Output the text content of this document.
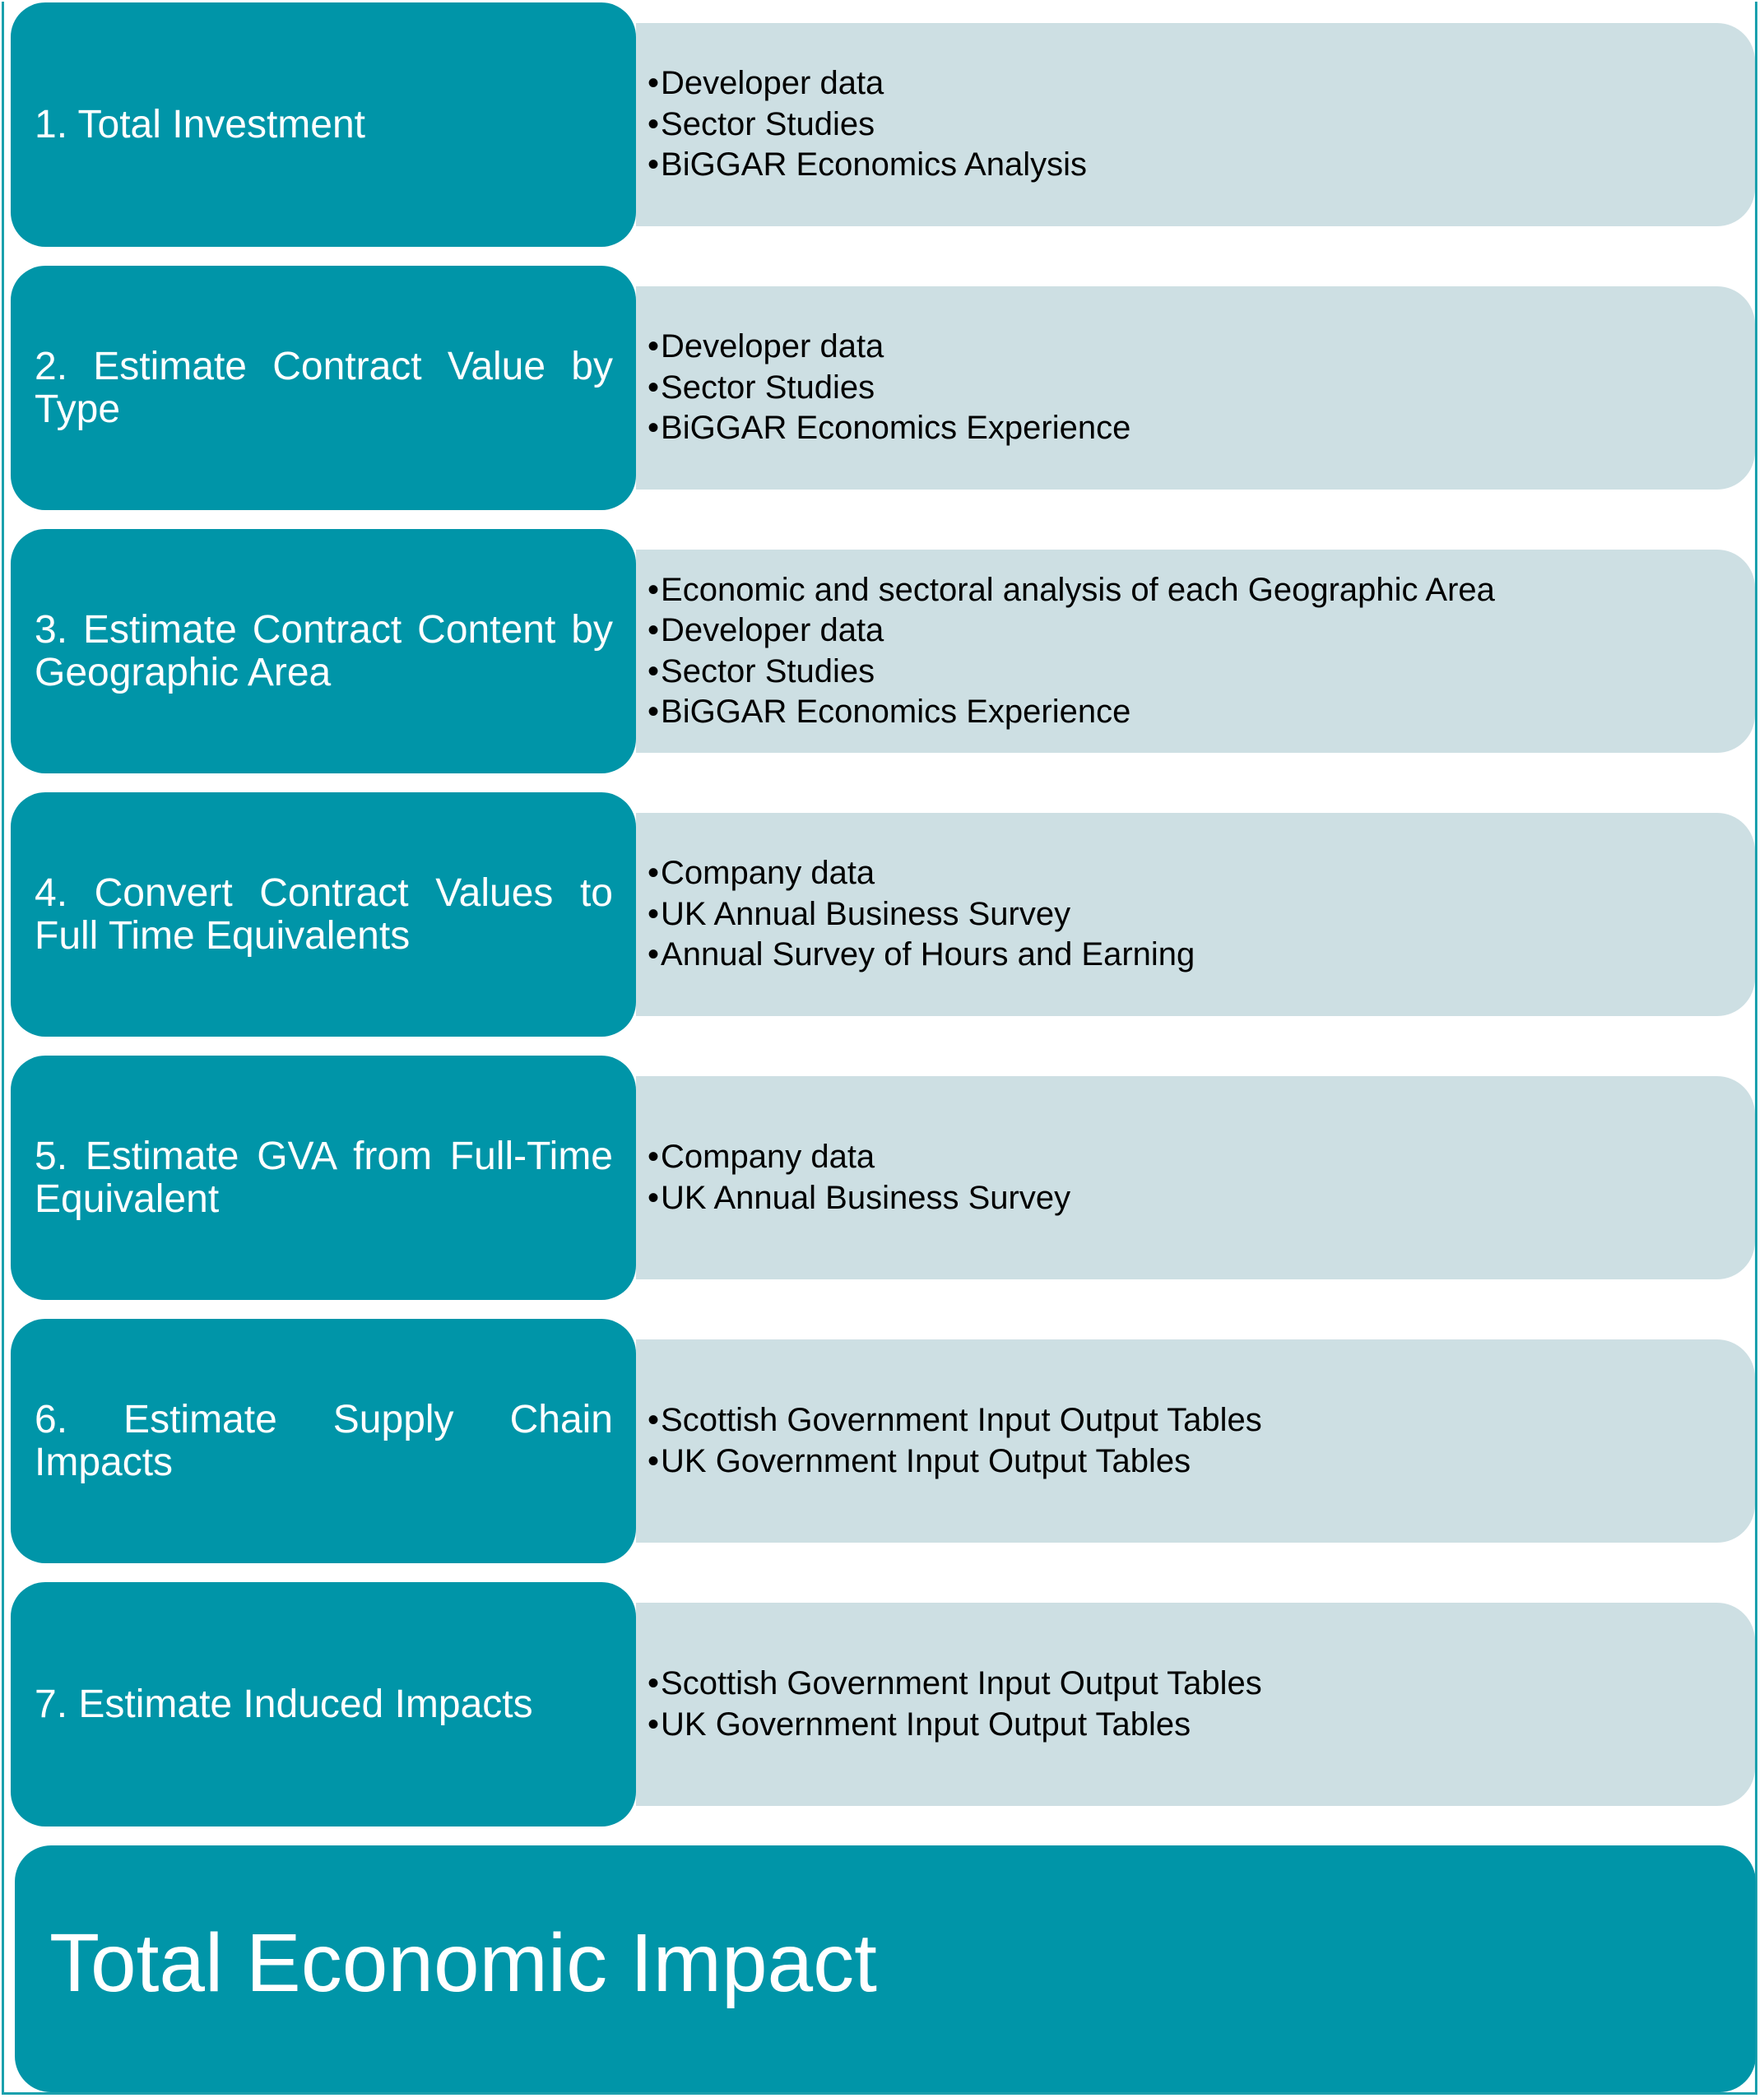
1. Total Investment
• Developer data
• Sector Studies
• BiGGAR Economics Analysis
2. Estimate Contract Value by Type
• Developer data
• Sector Studies
• BiGGAR Economics Experience
3. Estimate Contract Content by Geographic Area
• Economic and sectoral analysis of each Geographic Area
• Developer data
• Sector Studies
• BiGGAR Economics Experience
4. Convert Contract Values to Full Time Equivalents
• Company data
• UK Annual Business Survey
• Annual Survey of Hours and Earning
5. Estimate GVA from Full-Time Equivalent
• Company data
• UK Annual Business Survey
6. Estimate Supply Chain Impacts
• Scottish Government Input Output Tables
• UK Government Input Output Tables
7. Estimate Induced Impacts
•	Scottish Government Input Output Tables
• UK Government Input Output Tables
Total Economic Impact
